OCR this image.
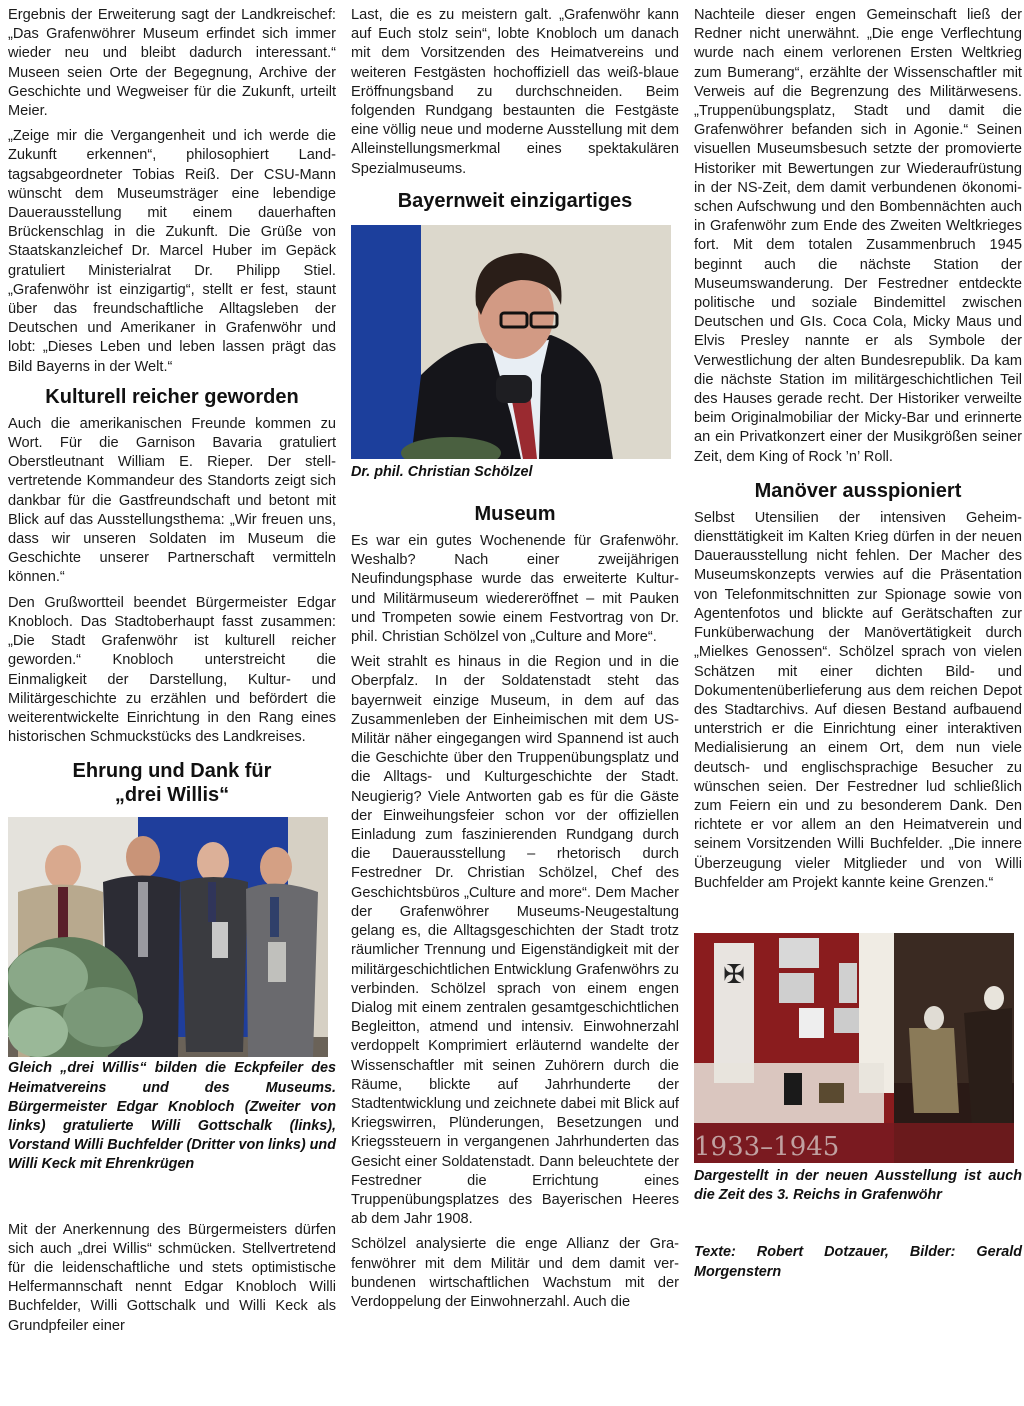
Ergebnis der Erweiterung sagt der Landkreischef: „Das Grafenwöhrer Museum erfindet sich immer wieder neu und bleibt dadurch interessant.“ Museen seien Orte der Begegnung, Archive der Geschichte und Wegweiser für die Zukunft, urteilt Meier.

„Zeige mir die Vergangenheit und ich werde die Zukunft erkennen“, philosophiert Landtagsabgeordneter Tobias Reiß. Der CSU-Mann wünscht dem Museumsträger eine lebendige Dauerausstellung mit einem dauerhaften Brückenschlag in die Zukunft. Die Grüße von Staatskanzleichef Dr. Marcel Huber im Gepäck gratuliert Ministerialrat Dr. Philipp Stiel. „Grafenwöhr ist einzigartig“, stellt er fest, staunt über das freundschaftliche Alltagsleben der Deutschen und Amerikaner in Grafenwöhr und lobt: „Dieses Leben und leben lassen prägt das Bild Bayerns in der Welt.“

Kulturell reicher geworden

Auch die amerikanischen Freunde kommen zu Wort. Für die Garnison Bavaria gratuliert Oberstleutnant William E. Rieper. Der stellvertretende Kommandeur des Standorts zeigt sich dankbar für die Gastfreundschaft und betont mit Blick auf das Ausstellungsthema: „Wir freuen uns, dass wir unseren Soldaten im Museum die Geschichte unserer Partnerschaft vermitteln können.“

Den Grußwortteil beendet Bürgermeister Edgar Knobloch. Das Stadtoberhaupt fasst zusammen: „Die Stadt Grafenwöhr ist kulturell reicher geworden.“ Knobloch unterstreicht die Einmaligkeit der Darstellung, Kultur- und Militärgeschichte zu erzählen und befördert die weiterentwickelte Einrichtung in den Rang eines historischen Schmuckstücks des Landkreises.

Ehrung und Dank für
„drei Willis“

Gleich „drei Willis“ bilden die Eckpfeiler des Heimatvereins und des Museums. Bürgermeister Edgar Knobloch (Zweiter von links) gratulierte Willi Gottschalk (links), Vorstand Willi Buchfelder (Dritter von links) und Willi Keck mit Ehrenkrügen

Mit der Anerkennung des Bürgermeisters dürfen sich auch „drei Willis“ schmücken. Stellvertretend für die leidenschaftliche und stets optimistische Helfermannschaft nennt Edgar Knobloch Willi Buchfelder, Willi Gottschalk und Willi Keck als Grundpfeiler einer

Last, die es zu meistern galt. „Grafenwöhr kann auf Euch stolz sein“, lobte Knobloch um danach mit dem Vorsitzenden des Heimatvereins und weiteren Festgästen hochoffiziell das weiß-blaue Eröffnungsband zu durchschneiden. Beim folgenden Rundgang bestaunten die Festgäste eine völlig neue und moderne Ausstellung mit dem Alleinstellungsmerkmal eines spektakulären Spezialmuseums.

Bayernweit einzigartiges

Dr. phil. Christian Schölzel

Museum

Es war ein gutes Wochenende für Grafenwöhr. Weshalb? Nach einer zweijährigen Neufindungsphase wurde das erweiterte Kultur- und Militärmuseum wiedereröffnet – mit Pauken und Trompeten sowie einem Festvortrag von Dr. phil. Christian Schölzel von „Culture and More“.

Weit strahlt es hinaus in die Region und in die Oberpfalz. In der Soldatenstadt steht das bayernweit einzige Museum, in dem auf das Zusammenleben der Einheimischen mit dem US-Militär näher eingegangen wird Spannend ist auch die Geschichte über den Truppenübungsplatz und die Alltags- und Kulturgeschichte der Stadt. Neugierig? Viele Antworten gab es für die Gäste der Einweihungsfeier schon vor der offiziellen Einladung zum faszinierenden Rundgang durch die Dauerausstellung – rhetorisch durch Festredner Dr. Christian Schölzel, Chef des Geschichtsbüros „Culture and more“. Dem Macher der Grafenwöhrer Museums-Neugestaltung gelang es, die Alltagsgeschichten der Stadt trotz räumlicher Trennung und Eigenständigkeit mit der militärgeschichtlichen Entwicklung Grafenwöhrs zu verbinden. Schölzel sprach von einem engen Dialog mit einem zentralen gesamtgeschichtlichen Begleitton, atmend und intensiv. Einwohnerzahl verdoppelt Komprimiert erläuternd wandelte der Wissenschaftler mit seinen Zuhörern durch die Räume, blickte auf Jahrhunderte der Stadtentwicklung und zeichnete dabei mit Blick auf Kriegswirren, Plünderungen, Besetzungen und Kriegssteuern in vergangenen Jahrhunderten das Gesicht einer Soldatenstadt. Dann beleuchtete der Festredner die Errichtung eines Truppenübungsplatzes des Bayerischen Heeres ab dem Jahr 1908.

Schölzel analysierte die enge Allianz der Grafenwöhrer mit dem Militär und dem damit verbundenen wirtschaftlichen Wachstum mit der Verdoppelung der Einwohnerzahl. Auch die

Nachteile dieser engen Gemeinschaft ließ der Redner nicht unerwähnt. „Die enge Verflechtung wurde nach einem verlorenen Ersten Weltkrieg zum Bumerang“, erzählte der Wissenschaftler mit Verweis auf die Begrenzung des Militärwesens. „Truppenübungsplatz, Stadt und damit die Grafenwöhrer befanden sich in Agonie.“ Seinen visuellen Museumsbesuch setzte der promovierte Historiker mit Bewertungen zur Wiederaufrüstung in der NS-Zeit, dem damit verbundenen ökonomischen Aufschwung und den Bombennächten auch in Grafenwöhr zum Ende des Zweiten Weltkrieges fort. Mit dem totalen Zusammenbruch 1945 beginnt auch die nächste Station der Museumswanderung. Der Festredner entdeckte politische und soziale Bindemittel zwischen Deutschen und GIs. Coca Cola, Micky Maus und Elvis Presley nannte er als Symbole der Verwestlichung der alten Bundesrepublik. Da kam die nächste Station im militärgeschichtlichen Teil des Hauses gerade recht. Der Historiker verweilte beim Originalmobiliar der Micky-Bar und erinnerte an ein Privatkonzert einer der Musikgrößen seiner Zeit, dem King of Rock ’n’ Roll.

Manöver ausspioniert

Selbst Utensilien der intensiven Geheimdiensttätigkeit im Kalten Krieg dürfen in der neuen Dauerausstellung nicht fehlen. Der Macher des Museumskonzepts verwies auf die Präsentation von Telefonmitschnitten zur Spionage sowie von Agentenfotos und blickte auf Gerätschaften zur Funküberwachung der Manövertätigkeit durch „Mielkes Genossen“. Schölzel sprach von vielen Schätzen mit einer dichten Bild- und Dokumentenüberlieferung aus dem reichen Depot des Stadtarchivs. Auf diesen Bestand aufbauend unterstrich er die Einrichtung einer interaktiven Medialisierung an einem Ort, dem nun viele deutsch- und englischsprachige Besucher zu wünschen seien. Der Festredner lud schließlich zum Feiern ein und zu besonderem Dank. Den richtete er vor allem an den Heimatverein und seinem Vorsitzenden Willi Buchfelder. „Die innere Überzeugung vieler Mitglieder und von Willi Buchfelder am Projekt kannte keine Grenzen.“

✠
1933–1945

Dargestellt in der neuen Ausstellung ist auch die Zeit des 3. Reichs in Grafenwöhr

Texte: Robert Dotzauer, Bilder: Gerald Morgenstern
